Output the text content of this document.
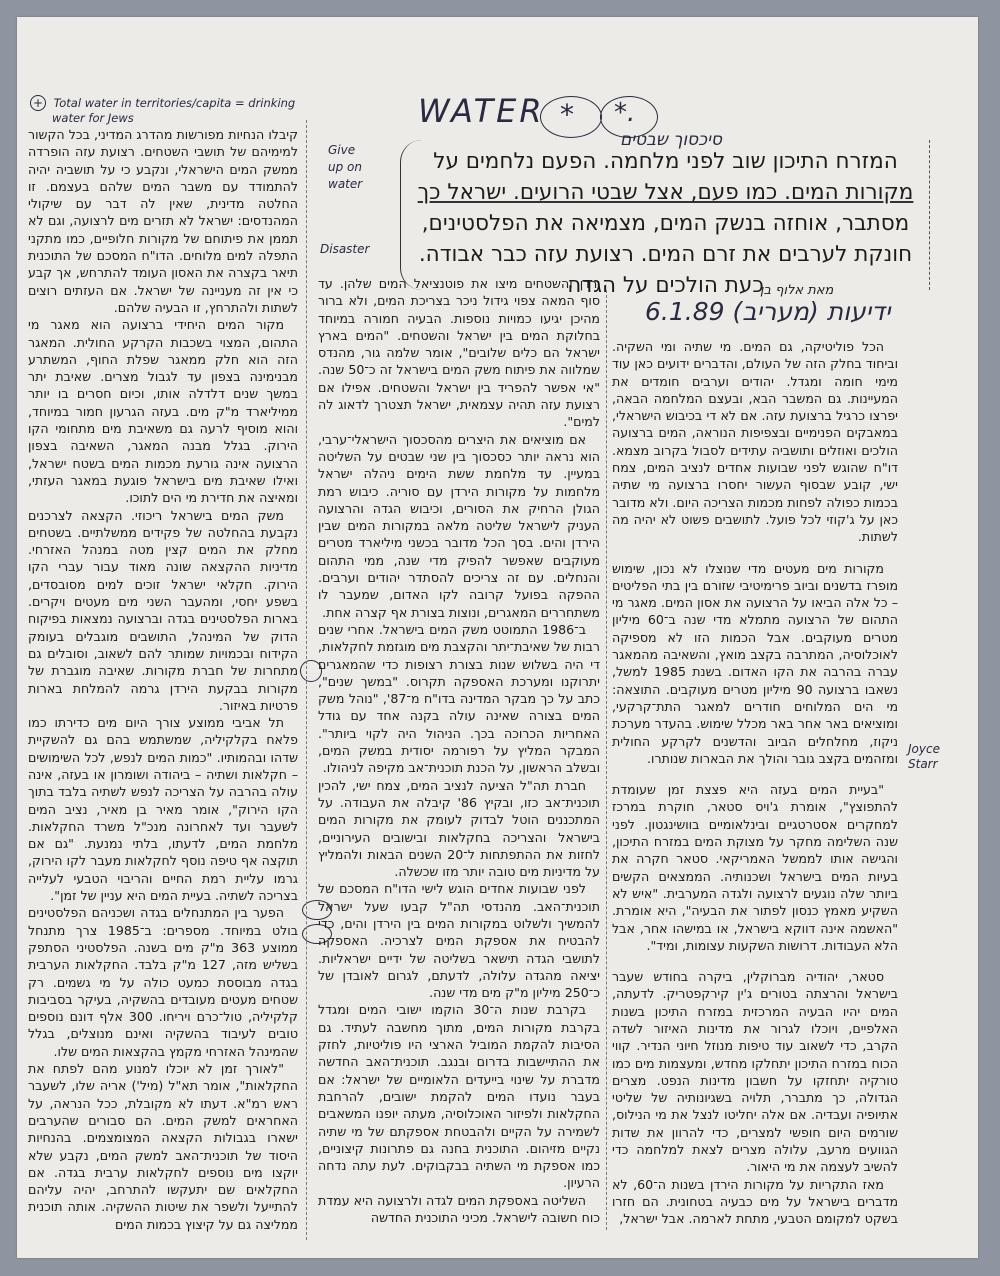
WATER * *.
סיכסוך שבטים
+ Total water in territories/capita = drinking
water for Jews
Give up on water
Disaster
6.1.89 (מעריב) ידיעות
Joyce Starr
המזרח התיכון שוב לפני מלחמה. הפעם נלחמים על
מקורות המים. כמו פעם, אצל שבטי הרועים. ישראל כך
מסתבר, אוחזה בנשק המים, מצמיאה את הפלסטינים,
חונקת לערבים את זרם המים. רצועת עזה כבר אבודה.
כעת הולכים על הגדה
מאת אלוף בן

קיבלו הנחיות מפורשות מהדרג המדיני, בכל הקשור למימיהם של תושבי השטחים. רצועת עזה הופרדה ממשק המים הישראלי, ונקבע כי על תושביה יהיה להתמודד עם משבר המים שלהם בעצמם. זו החלטה מדינית, שאין לה דבר עם שיקולי המהנדסים: ישראל לא תזרים מים לרצועה, וגם לא תממן את פיתוחם של מקורות חלופיים, כמו מתקני התפלה למים מלוחים. הדו"ח המסכם של התוכנית תיאר בקצרה את האסון העומד להתרחש, אך קבע כי אין זה מעניינה של ישראל. אם העזתים רוצים לשתות ולהתרחץ, זו הבעיה שלהם.

מקור המים היחידי ברצועה הוא מאגר מי התהום, המצוי בשכבות הקרקע החולית. המאגר הזה הוא חלק ממאגר שפלת החוף, המשתרע מבנימינה בצפון עד לגבול מצרים. שאיבת יתר במשך שנים דלדלה אותו, וכיום חסרים בו יותר ממיליארד מ"ק מים. בעזה הגרעון חמור במיוחד, והוא מוסיף לרעה גם משאיבת מים מתחומי הקו הירוק. בגלל מבנה המאגר, השאיבה בצפון הרצועה אינה גורעת מכמות המים בשטח ישראל, ואילו שאיבת מים בישראל פוגעת במאגר העזתי, ומאיצה את חדירת מי הים לתוכו.

משק המים בישראל ריכוזי. הקצאה לצרכנים נקבעת בהחלטה של פקידים ממשלתיים. בשטחים מחלק את המים קצין מטה במנהל האזרחי. מדיניות ההקצאה שונה מאוד עבור עברי הקו הירוק. חקלאי ישראל זוכים למים מסובסדים, בשפע יחסי, ומהעבר השני מים מעטים ויקרים. בארות הפלסטינים בגדה וברצועה נמצאות בפיקוח הדוק של המינהל, התושבים מוגבלים בעומק הקידוח ובכמויות שמותר להם לשאוב, וסובלים גם מתחרות של חברת מקורות. שאיבה מוגברת של מקורות בבקעת הירדן גרמה להמלחת בארות פרטיות באיזור.

תל אביבי ממוצע צורך היום מים כדירתו כמו פלאח בקלקיליה, שמשתמש בהם גם להשקיית שדהו ובהמותיו. "כמות המים לנפש, לכל השימושים – חקלאות ושתיה – ביהודה ושומרון או בעזה, אינה עולה בהרבה על הצריכה לנפש לשתיה בלבד בתוך הקו הירוק", אומר מאיר בן מאיר, נציב המים לשעבר ועד לאחרונה מנכ"ל משרד החקלאות. מלחמת המים, לדעתו, בלתי נמנעת. "גם אם תוקצה אף טיפה נוסף לחקלאות מעבר לקו הירוק, גרמו עליית רמת החיים והריבוי הטבעי לעלייה בצריכה לשתיה. בעיית המים היא עניין של זמן".

הפער בין המתנחלים בגדה ושכניהם הפלסטינים בולט במיוחד. מספרים: ב־1985 צרך מתנחל ממוצע 363 מ"ק מים בשנה. הפלסטיני הסתפק בשליש מזה, 127 מ"ק בלבד. החקלאות הערבית בגדה מבוססת כמעט כולה על מי גשמים. רק שטחים מעטים מעובדים בהשקיה, בעיקר בסביבות קלקיליה, טול־כרם ויריחו. 300 אלף דונם נוספים טובים לעיבוד בהשקיה ואינם מנוצלים, בגלל שהמינהל האזרחי מקמץ בהקצאות המים שלו.

"לאורך זמן לא יוכלו למנוע מהם לפתח את החקלאות", אומר תא"ל (מיל') אריה שלו, לשעבר ראש רמ"א. דעתו לא מקובלת, ככל הנראה, על האחראים למשק המים. הם סבורים שהערבים ישארו בגבולות הקצאה המצומצמים. בהנחיות היסוד של תוכנית־האב למשק המים, נקבע שלא יוקצו מים נוספים לחקלאות ערבית בגדה. אם החקלאים שם יתעקשו להתרחב, יהיה עליהם להתייעל ולשפר את שיטות ההשקיה. אותה תוכנית ממליצה גם על קיצוץ בכמות המים

ירדן והשטחים מיצו את פוטנציאל המים שלהן. עד סוף המאה צפוי גידול ניכר בצריכת המים, ולא ברור מהיכן יגיעו כמויות נוספות. הבעיה חמורה במיוחד בחלוקת המים בין ישראל והשטחים. "המים בארץ ישראל הם כלים שלובים", אומר שלמה גור, מהנדס שמלווה את פיתוח משק המים בישראל זה כ־50 שנה. "אי אפשר להפריד בין ישראל והשטחים. אפילו אם רצועת עזה תהיה עצמאית, ישראל תצטרך לדאוג לה למים".

אם מוציאים את היצרים מהסכסוך הישראלי־ערבי, הוא נראה יותר כסכסוך בין שני שבטים על השליטה במעיין. עד מלחמת ששת הימים ניהלה ישראל מלחמות על מקורות הירדן עם סוריה. כיבוש רמת הגולן הרחיק את הסורים, וכיבוש הגדה והרצועה העניק לישראל שליטה מלאה במקורות המים שבין הירדן והים. בסך הכל מדובר בכשני מיליארד מטרים מעוקבים שאפשר להפיק מדי שנה, ממי התהום והנחלים. עם זה צריכים להסתדר יהודים וערבים. ההפקה בפועל קרובה לקו האדום, שמעבר לו משתחררים המאגרים, ונוצות בצורת אף קצרה אחת.

ב־1986 התמוטט משק המים בישראל. אחרי שנים רבות של שאיבת־יתר והקצבת מים מוגזמת לחקלאות, די היה בשלוש שנות בצורת רצופות כדי שהמאגרים יתרוקנו ומערכת האספקה תקרוס. "במשך שנים", כתב על כך מבקר המדינה בדו"ח מ־87', "נוהל משק המים בצורה שאינה עולה בקנה אחד עם גודל האחריות הכרוכה בכך. הניהול היה לקוי ביותר". המבקר המליץ על רפורמה יסודית במשק המים, ובשלב הראשון, על הכנת תוכנית־אב מקיפה לניהולו.

חברת תה"ל הציעה לנציב המים, צמח ישי, להכין תוכנית־אב כזו, ובקיץ 86' קיבלה את העבודה. על המתכננים הוטל לבדוק לעומק את מקורות המים בישראל והצריכה בחקלאות ובישובים העירוניים, לחזות את ההתפתחות ל־20 השנים הבאות ולהמליץ על מדיניות מים טובה יותר מזו שכשלה.

לפני שבועות אחדים הוגש לישי הדו"ח המסכם של תוכנית־האב. מהנדסי תה"ל קבעו שעל ישראל להמשיך ולשלוט במקורות המים בין הירדן והים, כדי להבטיח את אספקת המים לצרכיה. האספקה לתושבי הגדה תישאר בשליטה של ידיים ישראליות. יציאה מהגדה עלולה, לדעתם, לגרום לאובדן של כ־250 מיליון מ"ק מים מדי שנה.

בקרבת שנות ה־30 הוקמו ישובי המים ומגדל בקרבת מקורות המים, מתוך מחשבה לעתיד. גם הסיבות להקמת המוביל הארצי היו פוליטיות, לחזק את ההתיישבות בדרום ובנגב. תוכנית־האב החדשה מדברת על שינוי בייעדים הלאומיים של ישראל: אם בעבר נועדו המים להקמת ישובים, להרחבת החקלאות ולפיזור האוכלוסיה, מעתה יופנו המשאבים לשמירה על הקיים ולהבטחת אספקתם של מי שתיה נקיים מזיהום. התוכנית בחנה גם פתרונות קיצוניים, כמו אספקת מי השתיה בבקבוקים. לעת עתה נדחה הרעיון.

השליטה באספקת המים לגדה ולרצועה היא עמדת כוח חשובה לישראל. מכיני התוכנית החדשה

הכל פוליטיקה, גם המים. מי שתיה ומי השקיה. וביחוד בחלק הזה של העולם, והדברים ידועים כאן עוד מימי חומה ומגדל. יהודים וערבים חומדים את המעיינות. גם המשבר הבא, ובעצם המלחמה הבאה, יפרצו כרגיל ברצועת עזה. אם לא די בכיבוש הישראלי, במאבקים הפנימיים ובצפיפות הנוראה, המים ברצועה הולכים ואוזלים ותושביה עתידים לסבול בקרוב מצמא. דו"ח שהוגש לפני שבועות אחדים לנציב המים, צמח ישי, קובע שבסוף העשור יחסרו ברצועה מי שתיה בכמות כפולה לפחות מכמות הצריכה היום. ולא מדובר כאן על ג'קוזי לכל פועל. לתושבים פשוט לא יהיה מה לשתות.

מקורות מים מעטים מדי שנוצלו לא נכון, שימוש מופרז בדשנים וביוב פרימיטיבי שזורם בין בתי הפליטים – כל אלה הביאו על הרצועה את אסון המים. מאגר מי התהום של הרצועה מתמלא מדי שנה ב־60 מיליון מטרים מעוקבים. אבל הכמות הזו לא מספיקה לאוכלוסיה, המתרבה בקצב מואץ, והשאיבה מהמאגר עברה בהרבה את הקו האדום. בשנת 1985 למשל, נשאבו ברצועה 90 מיליון מטרים מעוקבים. התוצאה: מי הים המלוחים חודרים למאגר התת־קרקעי, ומוציאים באר אחר באר מכלל שימוש. בהעדר מערכת ניקוז, מחלחלים הביוב והדשנים לקרקע החולית ומזהמים בקצב גובר והולך את הבארות שנותרו.

"בעיית המים בעזה היא פצצת זמן שעומדת להתפוצץ", אומרת ג'ויס סטאר, חוקרת במרכז למחקרים אסטרטגיים ובינלאומיים בוושינגטון. לפני שנה השלימה מחקר על מצוקת המים במזרח התיכון, והגישה אותו לממשל האמריקאי. סטאר חקרה את בעיות המים בישראל ושכנותיה. הממצאים הקשים ביותר שלה נוגעים לרצועה ולגדה המערבית. "איש לא השקיע מאמץ כנסון לפתור את הבעיה", היא אומרת. "האשמה אינה דווקא בישראל, או במישהו אחר, אבל הלא העבודות. דרושות השקעות עצומות, ומיד".

סטאר, יהודיה מברוקלין, ביקרה בחודש שעבר בישראל והרצתה בטורים ג'ין קירקפטריק. לדעתה, המים יהיו הבעיה המרכזית במזרח התיכון בשנות האלפיים, ויוכלו לגרור את מדינות האיזור לשדה הקרב, כדי לשאוב עוד טיפות מנוזל חיוני הנדיר. קווי הכוח במזרח התיכון יתחלקו מחדש, ומעצמות מים כמו טורקיה יתחזקו על חשבון מדינות הנפט. מצרים הגדולה, כך מתברר, תלויה בשגיונותיה של שליטי אתיופיה ועבדיה. אם אלה יחליטו לנצל את מי הנילוס, שורמים היום חופשי למצרים, כדי להרוון את שדות הגוועים מרעב, עלולה מצרים לצאת למלחמה כדי להשיב לעצמה את מי היאור.

מאז התקריות על מקורות הירדן בשנות ה־60, לא מדברים בישראל על מים כבעיה בטחונית. הם חזרו בשקט למקומם הטבעי, מתחת לארמה. אבל ישראל,
